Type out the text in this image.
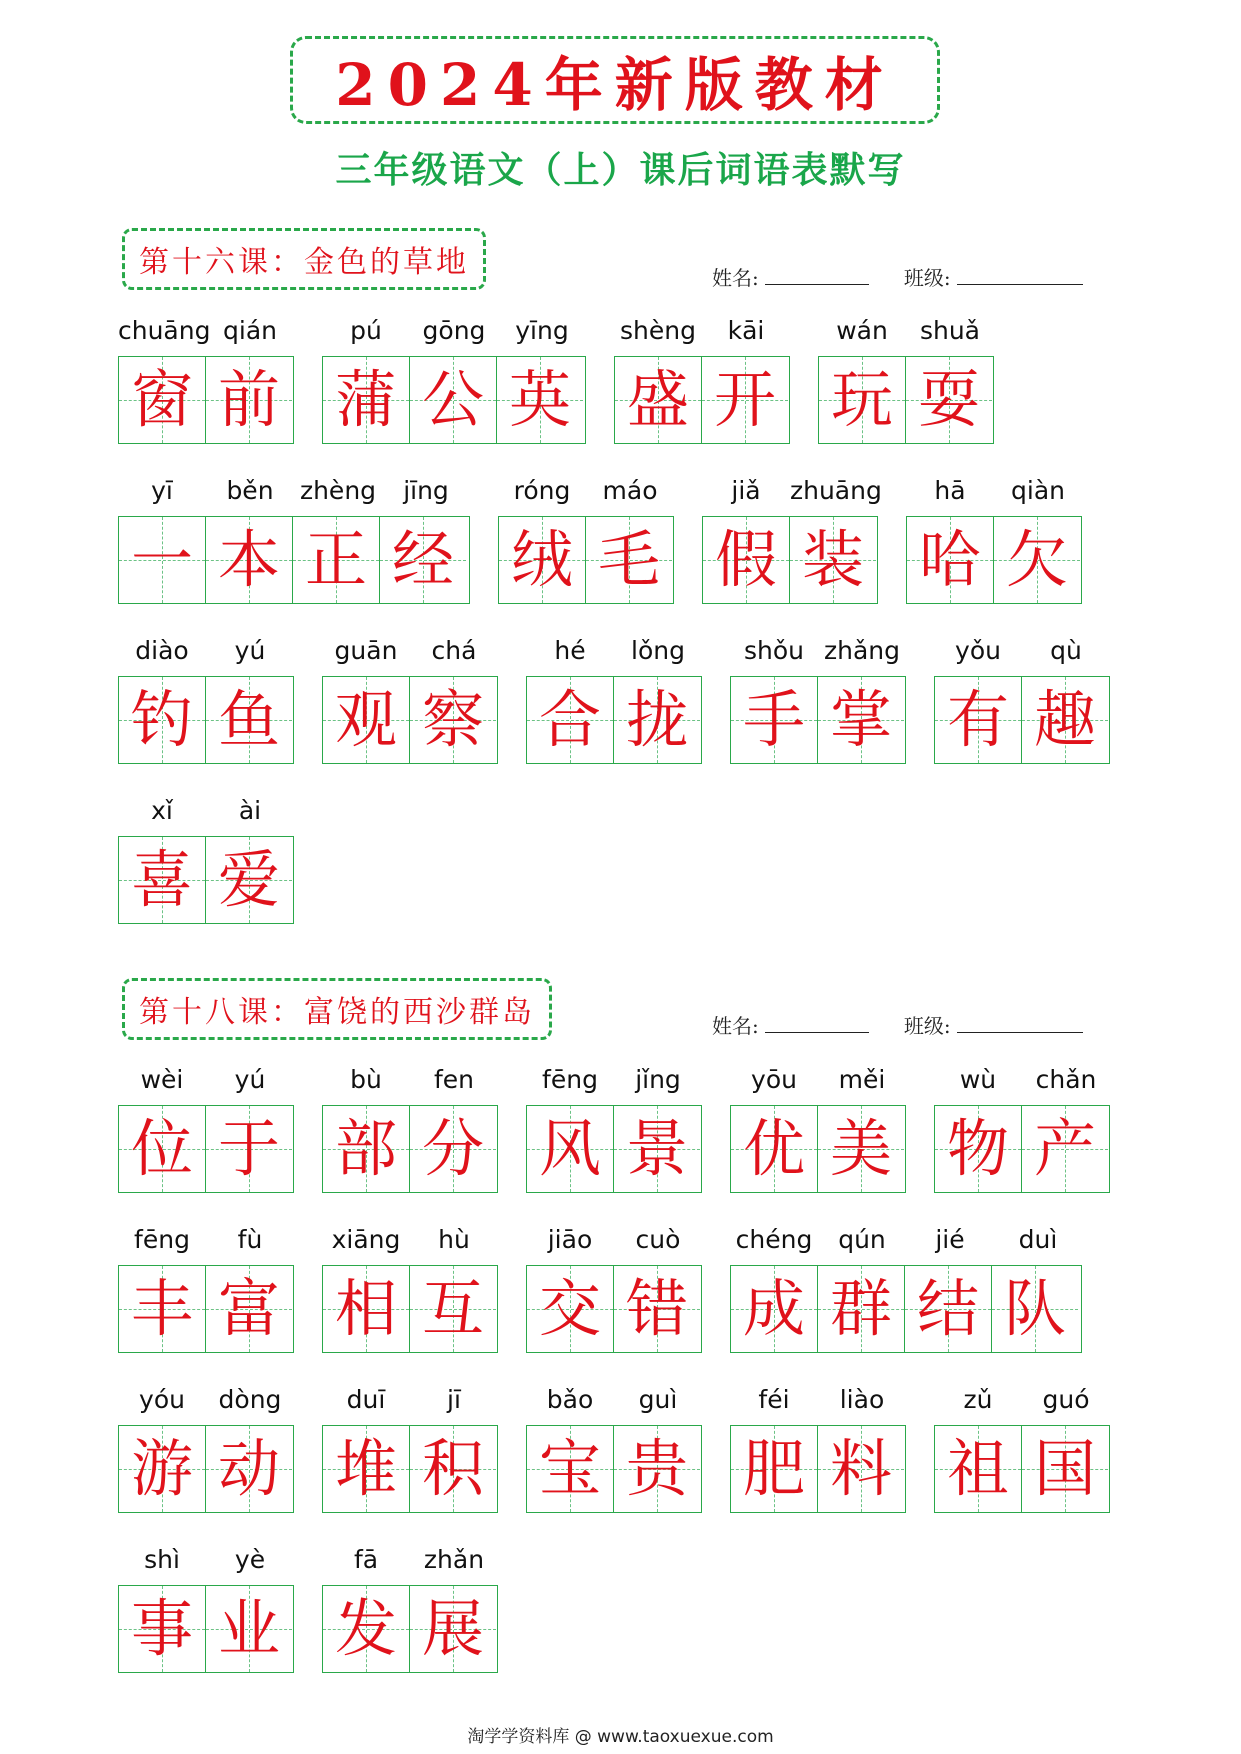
2024年新版教材
三年级语文（上）课后词语表默写
第十六课：金色的草地	姓名:	班级:
chuāng qián
窗 前
pú	gōng	yīng
蒲 公 英
shèng	kāi
盛 开
wán	shuǎ
玩 耍
yī	běn	zhèng	jīng
一 本 正 经
róng	máo
绒 毛
jiǎ	zhuāng
假 装
hā	qiàn
哈 欠
diào	yú
钓 鱼
guān	chá
观 察
hé	lǒng
合 拢
shǒu zhǎng
手 掌
yǒu	qù
有 趣
xǐ	ài
喜 爱
第十八课：富饶的西沙群岛	姓名:	班级:
wèi	yú
位 于
bù	fen
部 分
fēng	jǐng
风 景
yōu	měi
优 美
wù	chǎn
物 产
fēng	fù
丰 富
xiāng	hù
相 互
jiāo	cuò
交 错
chéng	qún	jié	duì
成 群 结 队
yóu	dòng
游 动
duī	jī
堆 积
bǎo	guì
宝 贵
féi	liào
肥 料
zǔ	guó
祖 国
shì	yè
事 业
fā	zhǎn
发 展
淘学学资料库 @ www.taoxuexue.com
